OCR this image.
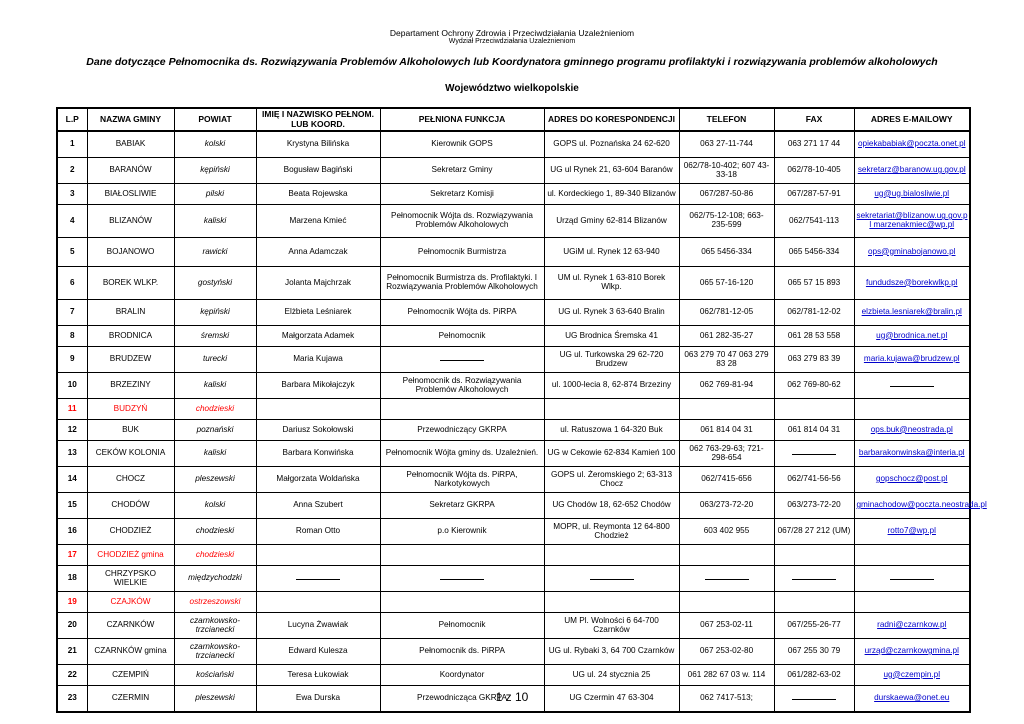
Departament Ochrony Zdrowia i Przeciwdziałania Uzależnieniom
Wydział Przeciwdziałania Uzależnieniom
Dane dotyczące Pełnomocnika ds. Rozwiązywania Problemów Alkoholowych lub Koordynatora gminnego programu profilaktyki i rozwiązywania problemów alkoholowych
Województwo wielkopolskie
L.P	NAZWA GMINY	POWIAT	IMIĘ I NAZWISKO PEŁNOM. LUB KOORD.	PEŁNIONA FUNKCJA	ADRES DO KORESPONDENCJI	TELEFON	FAX	ADRES E-MAILOWY
1	BABIAK	kolski	Krystyna Bilińska	Kierownik GOPS	GOPS ul. Poznańska 24 62-620	063 27-11-744	063 271 17 44	opiekababiak@poczta.onet.pl
2	BARANÓW	kępiński	Bogusław Bagiński	Sekretarz Gminy	UG ul Rynek 21, 63-604 Baranów	062/78-10-402; 607 43-33-18	062/78-10-405	sekretarz@baranow.ug.gov.pl
3	BIAŁOSLIWIE	pilski	Beata Rojewska	Sekretarz Komisji	ul. Kordeckiego 1, 89-340 Blizanów	067/287-50-86	067/287-57-91	ug@ug.bialosliwie.pl
4	BLIZANÓW	kaliski	Marzena Kmieć	Pełnomocnik Wójta ds. Rozwiązywania Problemów Alkoholowych	Urząd Gminy 62-814 Blizanów	062/75-12-108; 663-235-599	062/7541-113	sekretariat@blizanow.ug.gov.p l marzenakmiec@wp.pl
5	BOJANOWO	rawicki	Anna Adamczak	Pełnomocnik Burmistrza	UGiM ul. Rynek 12 63-940	065 5456-334	065 5456-334	ops@gminabojanowo.pl
6	BOREK WLKP.	gostyński	Jolanta Majchrzak	Pełnomocnik Burmistrza ds. Profilaktyki. I Rozwiązywania Problemów Alkoholowych	UM ul. Rynek 1 63-810 Borek Wlkp.	065 57-16-120	065 57 15 893	fundudsze@borekwlkp.pl
7	BRALIN	kępiński	Elżbieta Leśniarek	Pełnomocnik Wójta ds. PiRPA	UG ul. Rynek 3 63-640 Bralin	062/781-12-05	062/781-12-02	elzbieta.lesniarek@bralin.pl
8	BRODNICA	śremski	Małgorzata Adamek	Pełnomocnik	UG Brodnica Śremska 41	061 282-35-27	061 28 53 558	ug@brodnica.net.pl
9	BRUDZEW	turecki	Maria Kujawa		UG ul. Turkowska 29 62-720 Brudzew	063 279 70 47 063 279 83 28	063 279 83 39	maria.kujawa@brudzew.pl
10	BRZEZINY	kaliski	Barbara Mikołajczyk	Pełnomocnik ds. Rozwiązywania Problemów Alkoholowych	ul. 1000-lecia 8, 62-874 Brzeziny	062 769-81-94	062 769-80-62	
11	BUDZYŃ	chodzieski						
12	BUK	poznański	Dariusz Sokołowski	Przewodniczący GKRPA	ul. Ratuszowa 1 64-320 Buk	061 814 04 31	061 814 04 31	ops.buk@neostrada.pl
13	CEKÓW KOLONIA	kaliski	Barbara Konwińska	Pełnomocnik Wójta gminy ds. Uzależnień.	UG w Cekowie 62-834 Kamień 100	062 763-29-63; 721-298-654		barbarakonwinska@interia.pl
14	CHOCZ	pleszewski	Małgorzata Woldańska	Pełnomocnik Wójta ds. PiRPA, Narkotykowych	GOPS ul. Żeromskiego 2; 63-313 Chocz	062/7415-656	062/741-56-56	gopschocz@post.pl
15	CHODÓW	kolski	Anna Szubert	Sekretarz GKRPA	UG Chodów 18, 62-652 Chodów	063/273-72-20	063/273-72-20	gminachodow@poczta.neostrada.pl
16	CHODZIEŻ	chodzieski	Roman Otto	p.o Kierownik	MOPR, ul. Reymonta 12 64-800 Chodzież	603 402 955	067/28 27 212 (UM)	rotto7@wp.pl
17	CHODZIEŻ gmina	chodzieski						
18	CHRZYPSKO WIELKIE	międzychodzki						
19	CZAJKÓW	ostrzeszowski						
20	CZARNKÓW	czarnkowsko-trzcianecki	Lucyna Żwawiak	Pełnomocnik	UM Pl. Wolności 6 64-700 Czarnków	067 253-02-11	067/255-26-77	radni@czarnkow.pl
21	CZARNKÓW gmina	czarnkowsko-trzcianecki	Edward Kulesza	Pełnomocnik ds. PiRPA	UG ul. Rybaki 3, 64 700 Czarnków	067 253-02-80	067 255 30 79	urząd@czarnkowgmina.pl
22	CZEMPIŃ	kościański	Teresa Łukowiak	Koordynator	UG ul. 24 stycznia 25	061 282 67 03 w. 114	061/282-63-02	ug@czempin.pl
23	CZERMIN	pleszewski	Ewa Durska	Przewodnicząca GKRPA	UG Czermin 47 63-304	062 7417-513;		durskaewa@onet.eu
1 z 10
